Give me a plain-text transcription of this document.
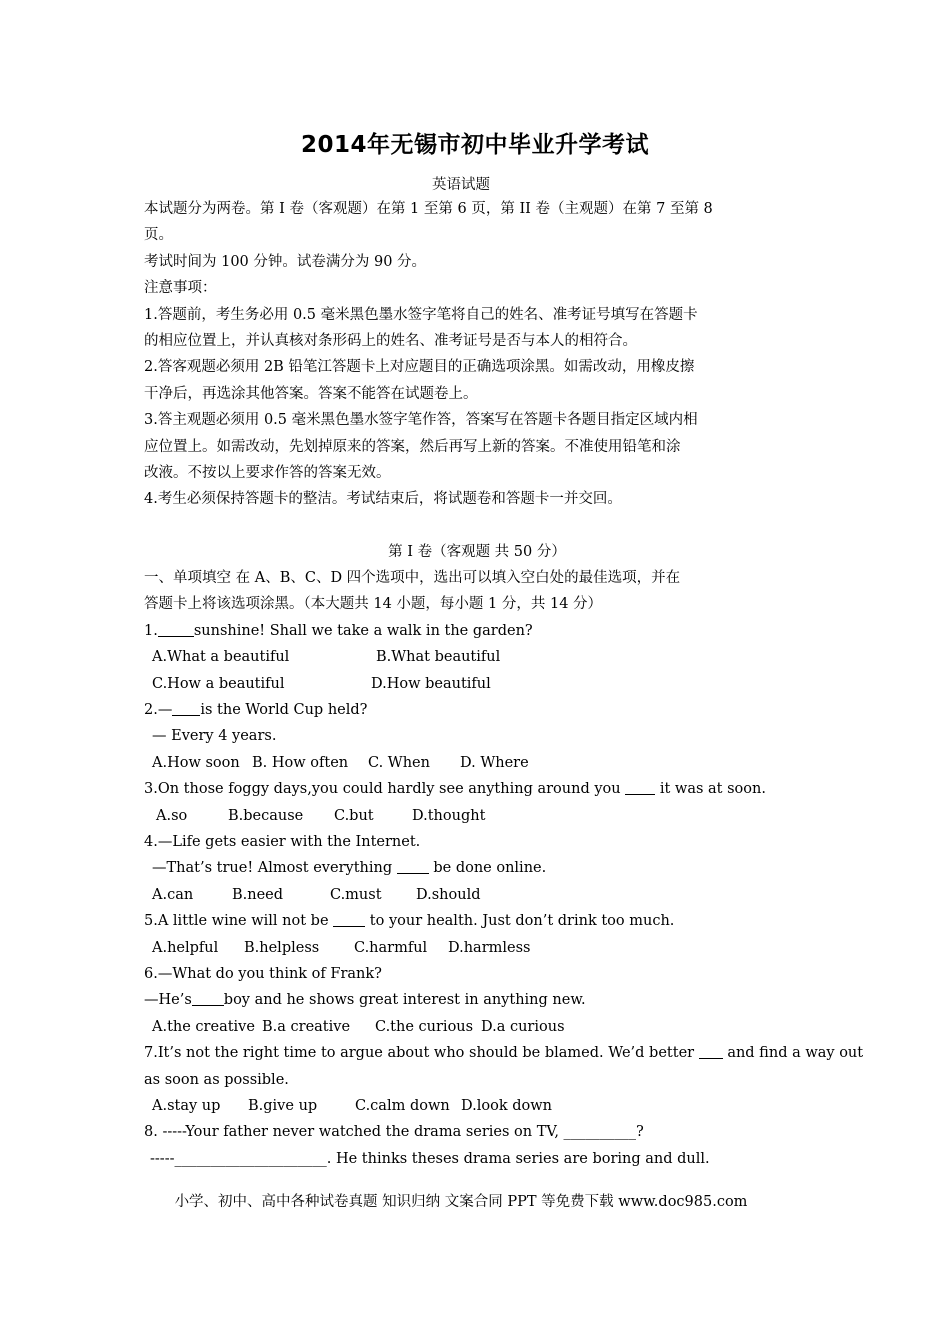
2014年无锡市初中毕业升学考试
英语试题
本试题分为两卷。第 I 卷（客观题）在第 1 至第 6 页，第 II 卷（主观题）在第 7 至第 8
页。
考试时间为 100 分钟。试卷满分为 90 分。
注意事项：
1.答题前，考生务必用 0.5 毫米黑色墨水签字笔将自己的姓名、准考证号填写在答题卡
的相应位置上，并认真核对条形码上的姓名、准考证号是否与本人的相符合。
2.答客观题必须用 2B 铅笔江答题卡上对应题目的正确选项涂黑。如需改动，用橡皮擦
干净后，再选涂其他答案。答案不能答在试题卷上。
3.答主观题必须用 0.5 毫米黑色墨水签字笔作答，答案写在答题卡各题目指定区域内相
应位置上。如需改动，先划掉原来的答案，然后再写上新的答案。不准使用铅笔和涂
改液。不按以上要求作答的答案无效。
4.考生必须保持答题卡的整洁。考试结束后，将试题卷和答题卡一并交回。
第 I 卷（客观题 共 50 分）
一、单项填空 在 A、B、C、D 四个选项中，选出可以填入空白处的最佳选项，并在
答题卡上将该选项涂黑。（本大题共 14 小题，每小题 1 分，共 14 分）
1. sunshine! Shall we take a walk in the garden?
A.What a beautiful	B.What beautiful
C.How a beautiful	D.How beautiful
2.— is the World Cup held?
— Every 4 years.
A.How soon B. How often C. When D. Where
3.On those foggy days,you could hardly see anything around you	it was at soon.
A.so	B.because C.but	D.thought
4.—Life gets easier with the Internet.
—That’s true! Almost everything	be done online.
A.can	B.need	C.must D.should
5.A little wine will not be	to your health. Just don’t drink too much.
A.helpful B.helpless C.harmful D.harmless
6.—What do you think of Frank?
—He’s boy and he shows great interest in anything new.
A.the creative B.a creative C.the curious D.a curious
7.It’s not the right time to argue about who should be blamed. We’d better and find a way out
as soon as possible.
A.stay up B.give up	C.calm down D.look down
8. -----Your father never watched the drama series on TV, __________?
-----_____________________. He thinks theses drama series are boring and dull.
小学、初中、高中各种试卷真题 知识归纳 文案合同 PPT 等免费下载 www.doc985.com
